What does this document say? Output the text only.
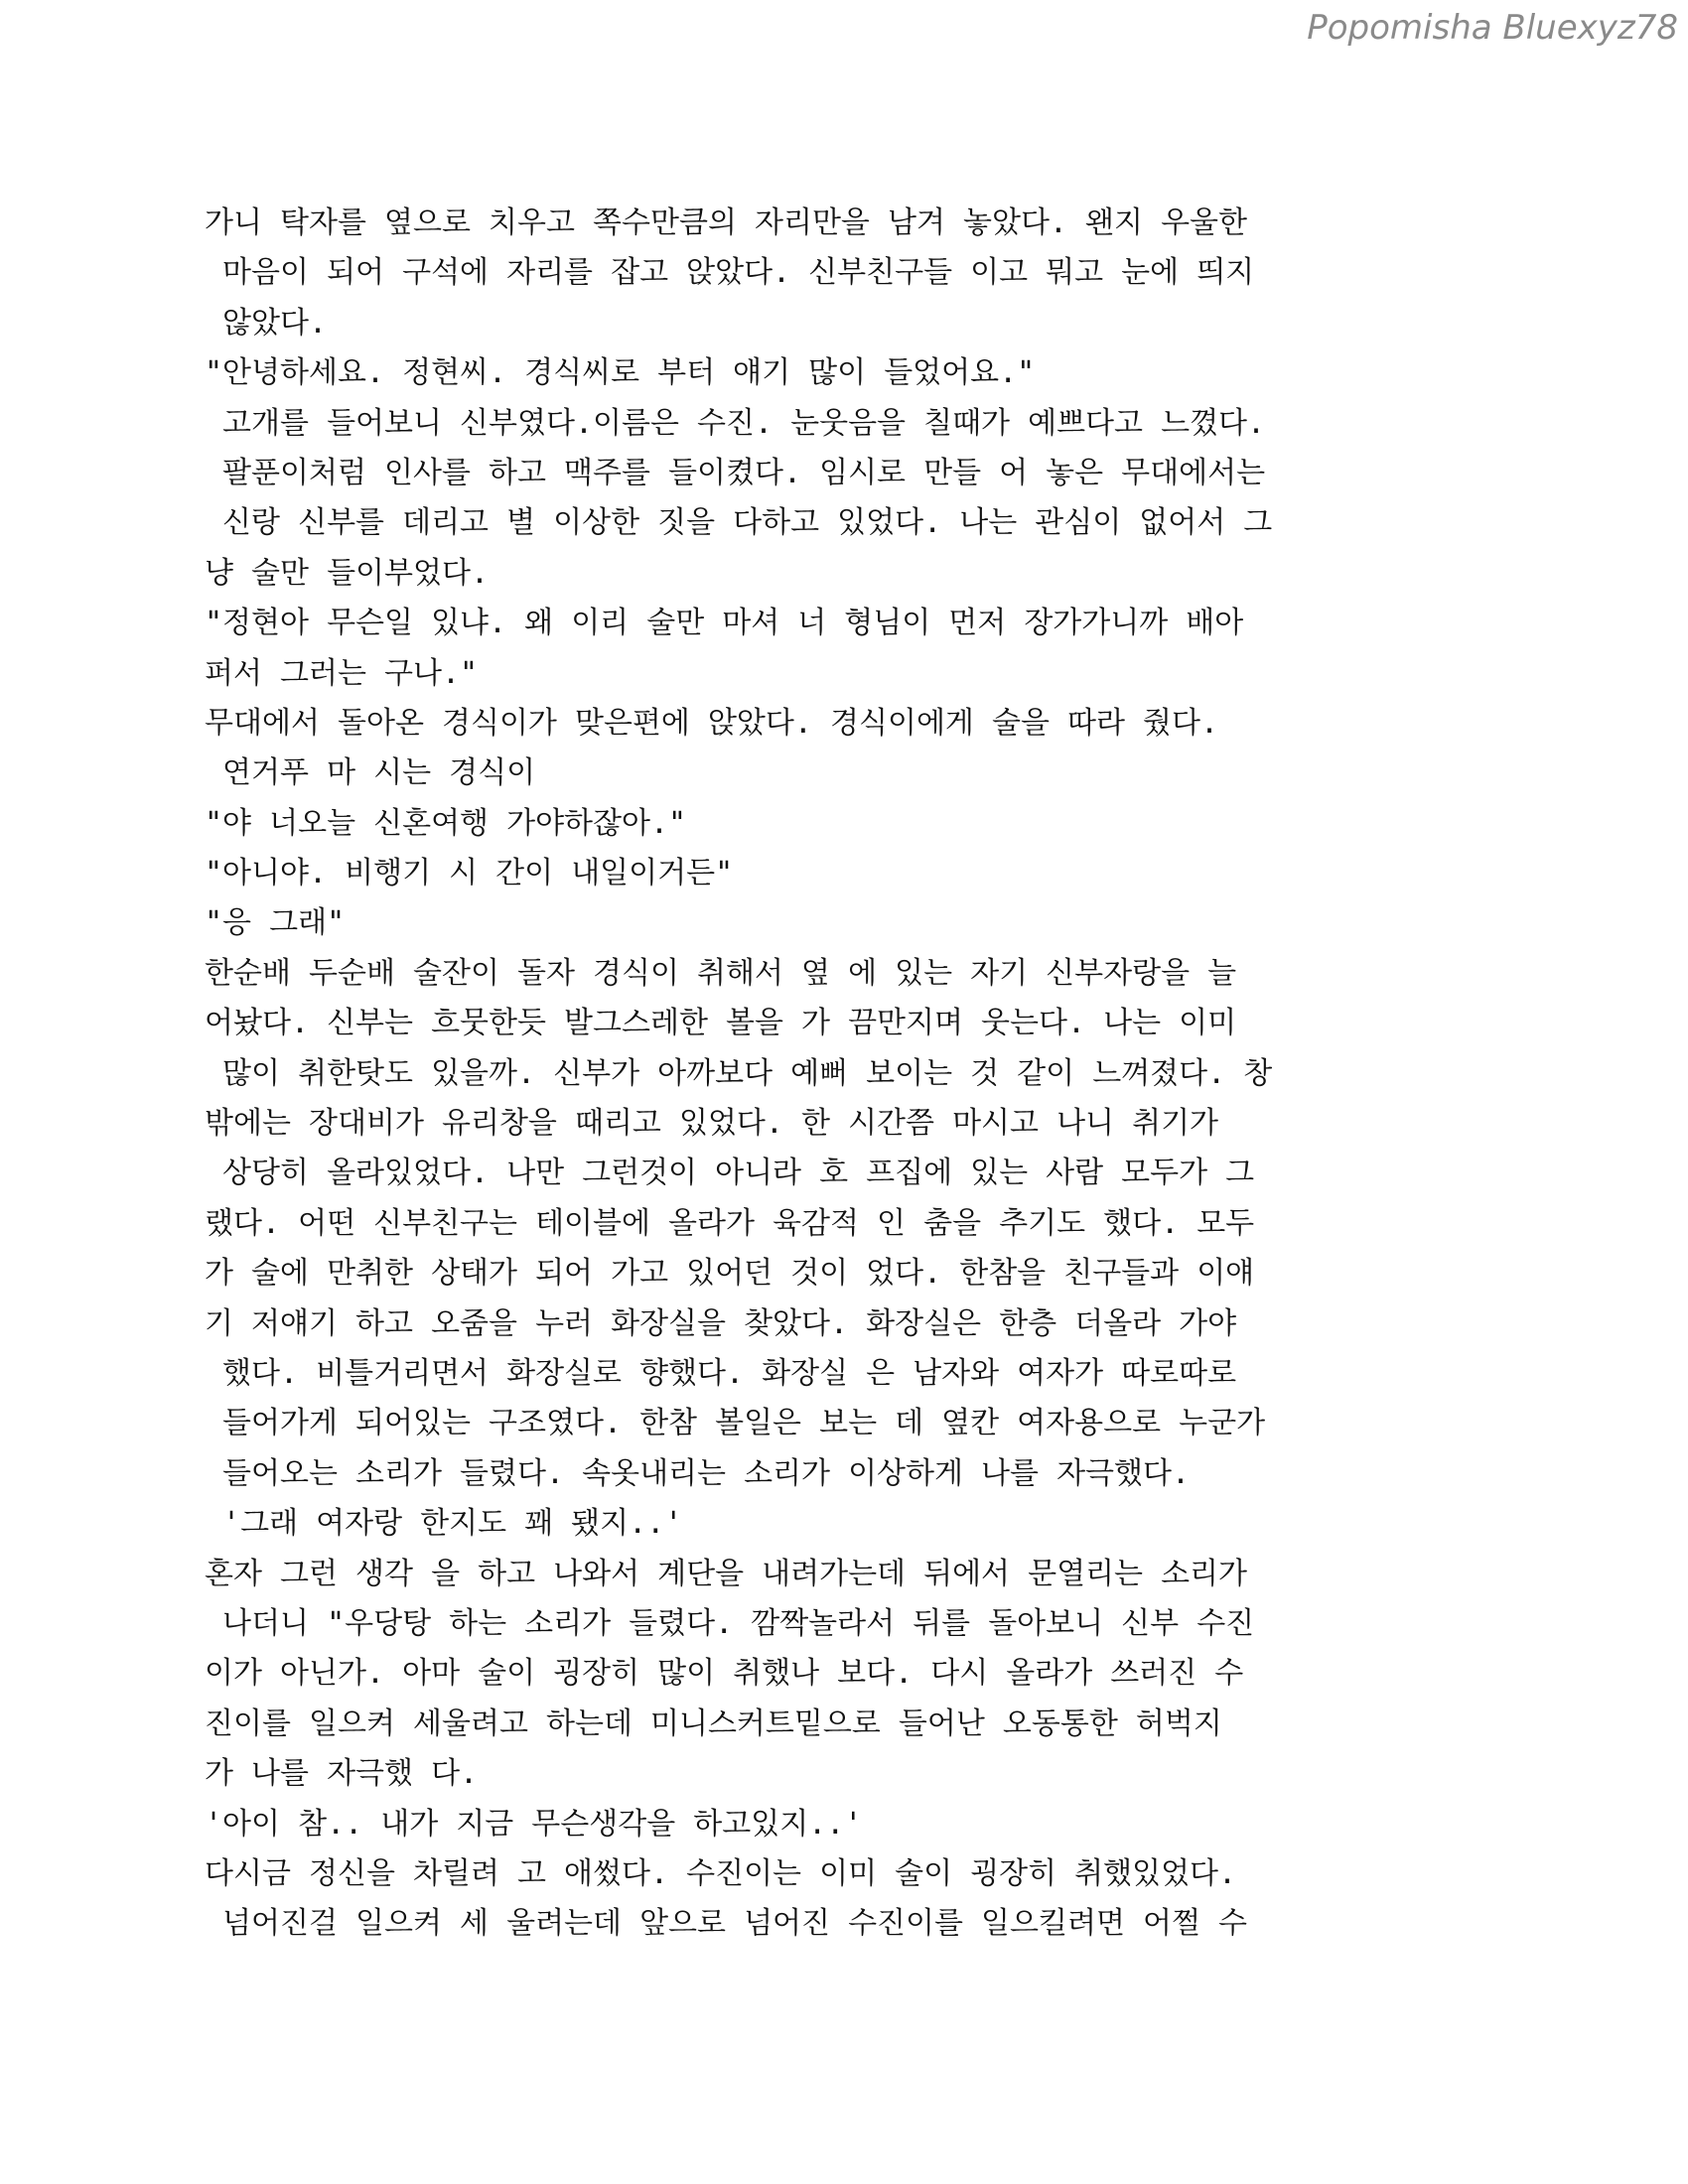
Popomisha Bluexyz78
가니 탁자를 옆으로 치우고 쪽수만큼의 자리만을 남겨 놓았다. 왠지 우울한
마음이 되어 구석에 자리를 잡고 앉았다. 신부친구들 이고 뭐고 눈에 띄지
않았다.
"안녕하세요. 정현씨. 경식씨로 부터 얘기 많이 들었어요."
고개를 들어보니 신부였다.이름은 수진. 눈웃음을 칠때가 예쁘다고 느꼈다.
팔푼이처럼 인사를 하고 맥주를 들이켰다. 임시로 만들 어 놓은 무대에서는
신랑 신부를 데리고 별 이상한 짓을 다하고 있었다. 나는 관심이 없어서 그
냥 술만 들이부었다.
"정현아 무슨일 있냐. 왜 이리 술만 마셔 너 형님이 먼저 장가가니까 배아
퍼서 그러는 구나."
무대에서 돌아온 경식이가 맞은편에 앉았다. 경식이에게 술을 따라 줬다.
연거푸 마 시는 경식이
"야 너오늘 신혼여행 가야하잖아."
"아니야. 비행기 시 간이 내일이거든"
"응 그래"
한순배 두순배 술잔이 돌자 경식이 취해서 옆 에 있는 자기 신부자랑을 늘
어놨다. 신부는 흐뭇한듯 발그스레한 볼을 가 끔만지며 웃는다. 나는 이미
많이 취한탓도 있을까. 신부가 아까보다 예뻐 보이는 것 같이 느껴졌다. 창
밖에는 장대비가 유리창을 때리고 있었다. 한 시간쯤 마시고 나니 취기가
상당히 올라있었다. 나만 그런것이 아니라 호 프집에 있는 사람 모두가 그
랬다. 어떤 신부친구는 테이블에 올라가 육감적 인 춤을 추기도 했다. 모두
가 술에 만취한 상태가 되어 가고 있어던 것이 었다. 한참을 친구들과 이얘
기 저얘기 하고 오줌을 누러 화장실을 찾았다. 화장실은 한층 더올라 가야
했다. 비틀거리면서 화장실로 향했다. 화장실 은 남자와 여자가 따로따로
들어가게 되어있는 구조였다. 한참 볼일은 보는 데 옆칸 여자용으로 누군가
들어오는 소리가 들렸다. 속옷내리는 소리가 이상하게 나를 자극했다.
'그래 여자랑 한지도 꽤 됐지..'
혼자 그런 생각 을 하고 나와서 계단을 내려가는데 뒤에서 문열리는 소리가
나더니 "우당탕 하는 소리가 들렸다. 깜짝놀라서 뒤를 돌아보니 신부 수진
이가 아닌가. 아마 술이 굉장히 많이 취했나 보다. 다시 올라가 쓰러진 수
진이를 일으켜 세울려고 하는데 미니스커트밑으로 들어난 오동통한 허벅지
가 나를 자극했 다.
'아이 참.. 내가 지금 무슨생각을 하고있지..'
다시금 정신을 차릴려 고 애썼다. 수진이는 이미 술이 굉장히 취했있었다.
넘어진걸 일으켜 세 울려는데 앞으로 넘어진 수진이를 일으킬려면 어쩔 수
